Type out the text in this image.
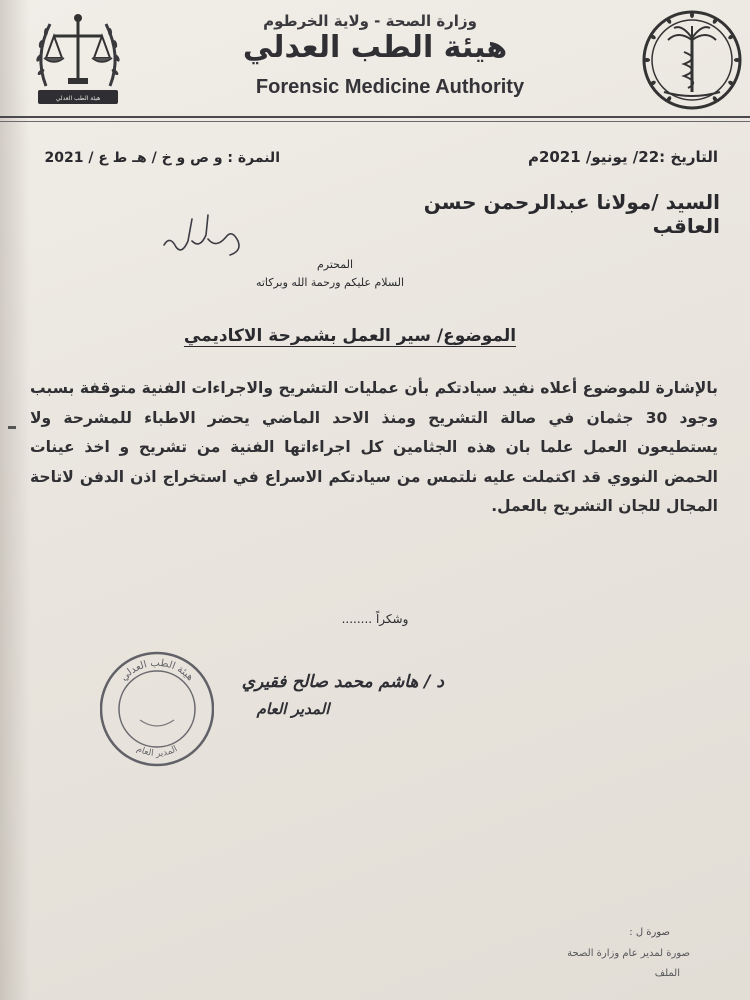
هيئة الطب العدلي
وزارة الصحة - ولاية الخرطوم
هيئة الطب العدلي
Forensic Medicine Authority
النمرة : و ص و خ / هـ ط ع / 2021	التاريخ :22/ يونيو/ 2021م
السيد /مولانا عبدالرحمن حسن العاقب
المحترم
السلام عليكم ورحمة الله وبركاته
الموضوع/ سير العمل بشمرحة الاكاديمي
بالإشارة للموضوع أعلاه نفيد سيادتكم بأن عمليات التشريح والاجراءات الفنية متوقفة بسبب وجود 30 جثمان في صالة التشريح ومنذ الاحد الماضي يحضر الاطباء للمشرحة ولا يستطيعون العمل علما بان هذه الجثامين كل اجراءاتها الفنية من تشريح و اخذ عينات الحمض النووي قد اكتملت عليه نلتمس من سيادتكم الاسراع في استخراج اذن الدفن لاتاحة المجال للجان التشريح بالعمل.
وشكراً ........
هيئة الطب العدلي
المدير العام
د / هاشم محمد صالح فقيري
المدير العام
صورة ل :
صورة لمدير عام وزارة الصحة
الملف
